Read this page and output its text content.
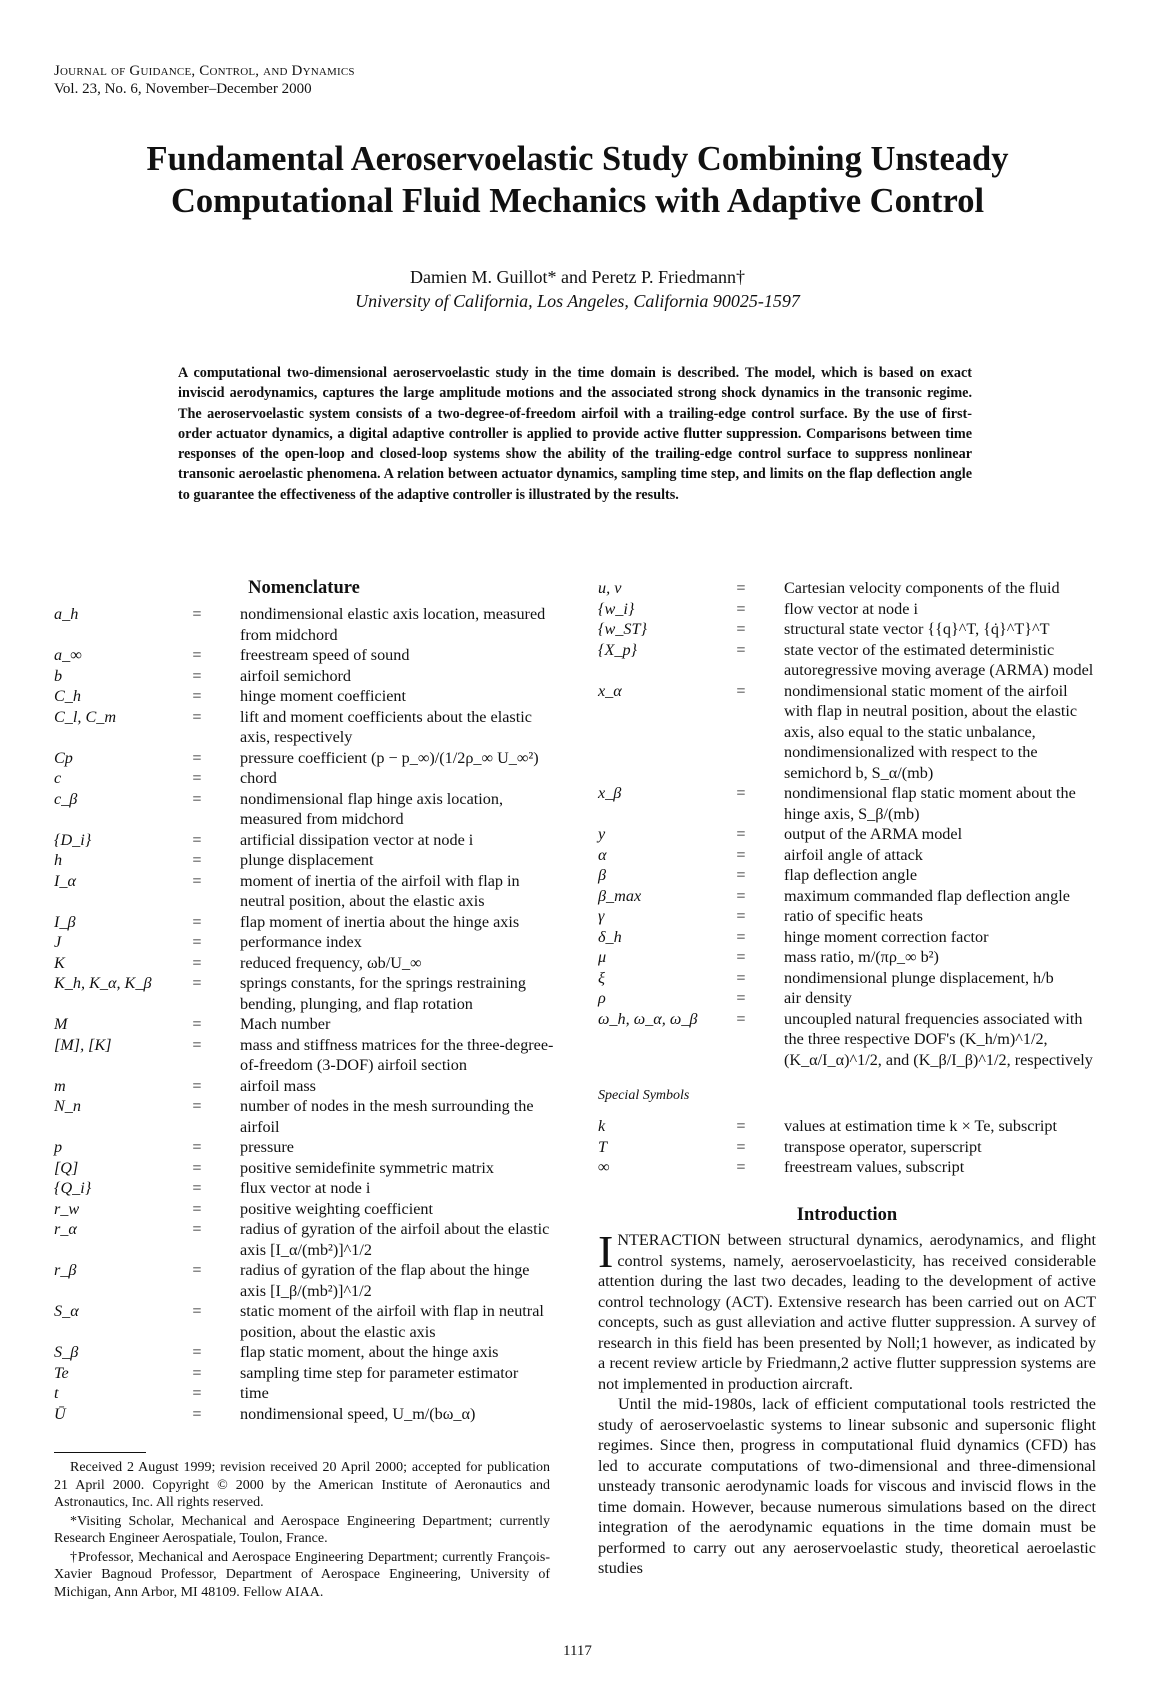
Journal of Guidance, Control, and Dynamics
Vol. 23, No. 6, November–December 2000
Fundamental Aeroservoelastic Study Combining Unsteady
Computational Fluid Mechanics with Adaptive Control
Damien M. Guillot* and Peretz P. Friedmann†
University of California, Los Angeles, California 90025-1597
A computational two-dimensional aeroservoelastic study in the time domain is described. The model, which is based on exact inviscid aerodynamics, captures the large amplitude motions and the associated strong shock dynamics in the transonic regime. The aeroservoelastic system consists of a two-degree-of-freedom airfoil with a trailing-edge control surface. By the use of first-order actuator dynamics, a digital adaptive controller is applied to provide active flutter suppression. Comparisons between time responses of the open-loop and closed-loop systems show the ability of the trailing-edge control surface to suppress nonlinear transonic aeroelastic phenomena. A relation between actuator dynamics, sampling time step, and limits on the flap deflection angle to guarantee the effectiveness of the adaptive controller is illustrated by the results.
Nomenclature
a_h	=	nondimensional elastic axis location, measured from midchord
a_∞	=	freestream speed of sound
b	=	airfoil semichord
C_h	=	hinge moment coefficient
C_l, C_m	=	lift and moment coefficients about the elastic axis, respectively
Cp	=	pressure coefficient (p − p_∞)/(1/2ρ_∞ U_∞²)
c	=	chord
c_β	=	nondimensional flap hinge axis location, measured from midchord
{D_i}	=	artificial dissipation vector at node i
h	=	plunge displacement
I_α	=	moment of inertia of the airfoil with flap in neutral position, about the elastic axis
I_β	=	flap moment of inertia about the hinge axis
J	=	performance index
K	=	reduced frequency, ωb/U_∞
K_h, K_α, K_β	=	springs constants, for the springs restraining bending, plunging, and flap rotation
M	=	Mach number
[M], [K]	=	mass and stiffness matrices for the three-degree-of-freedom (3-DOF) airfoil section
m	=	airfoil mass
N_n	=	number of nodes in the mesh surrounding the airfoil
p	=	pressure
[Q]	=	positive semidefinite symmetric matrix
{Q_i}	=	flux vector at node i
r_w	=	positive weighting coefficient
r_α	=	radius of gyration of the airfoil about the elastic axis [I_α/(mb²)]^1/2
r_β	=	radius of gyration of the flap about the hinge axis [I_β/(mb²)]^1/2
S_α	=	static moment of the airfoil with flap in neutral position, about the elastic axis
S_β	=	flap static moment, about the hinge axis
Te	=	sampling time step for parameter estimator
t	=	time
Ū	=	nondimensional speed, U_m/(bω_α)
u, v	=	Cartesian velocity components of the fluid
{w_i}	=	flow vector at node i
{w_ST}	=	structural state vector {{q}^T, {q̇}^T}^T
{X_p}	=	state vector of the estimated deterministic autoregressive moving average (ARMA) model
x_α	=	nondimensional static moment of the airfoil with flap in neutral position, about the elastic axis, also equal to the static unbalance, nondimensionalized with respect to the semichord b, S_α/(mb)
x_β	=	nondimensional flap static moment about the hinge axis, S_β/(mb)
y	=	output of the ARMA model
α	=	airfoil angle of attack
β	=	flap deflection angle
β_max	=	maximum commanded flap deflection angle
γ	=	ratio of specific heats
δ_h	=	hinge moment correction factor
μ	=	mass ratio, m/(πρ_∞ b²)
ξ	=	nondimensional plunge displacement, h/b
ρ	=	air density
ω_h, ω_α, ω_β	=	uncoupled natural frequencies associated with the three respective DOF's (K_h/m)^1/2, (K_α/I_α)^1/2, and (K_β/I_β)^1/2, respectively
Special Symbols
k	=	values at estimation time k × Te, subscript
T	=	transpose operator, superscript
∞	=	freestream values, subscript
Introduction

INTERACTION between structural dynamics, aerodynamics, and flight control systems, namely, aeroservoelasticity, has received considerable attention during the last two decades, leading to the development of active control technology (ACT). Extensive research has been carried out on ACT concepts, such as gust alleviation and active flutter suppression. A survey of research in this field has been presented by Noll;1 however, as indicated by a recent review article by Friedmann,2 active flutter suppression systems are not implemented in production aircraft.

Until the mid-1980s, lack of efficient computational tools restricted the study of aeroservoelastic systems to linear subsonic and supersonic flight regimes. Since then, progress in computational fluid dynamics (CFD) has led to accurate computations of two-dimensional and three-dimensional unsteady transonic aerodynamic loads for viscous and inviscid flows in the time domain. However, because numerous simulations based on the direct integration of the aerodynamic equations in the time domain must be performed to carry out any aeroservoelastic study, theoretical aeroelastic studies

Received 2 August 1999; revision received 20 April 2000; accepted for publication 21 April 2000. Copyright © 2000 by the American Institute of Aeronautics and Astronautics, Inc. All rights reserved.

*Visiting Scholar, Mechanical and Aerospace Engineering Department; currently Research Engineer Aerospatiale, Toulon, France.

†Professor, Mechanical and Aerospace Engineering Department; currently François-Xavier Bagnoud Professor, Department of Aerospace Engineering, University of Michigan, Ann Arbor, MI 48109. Fellow AIAA.

1117
